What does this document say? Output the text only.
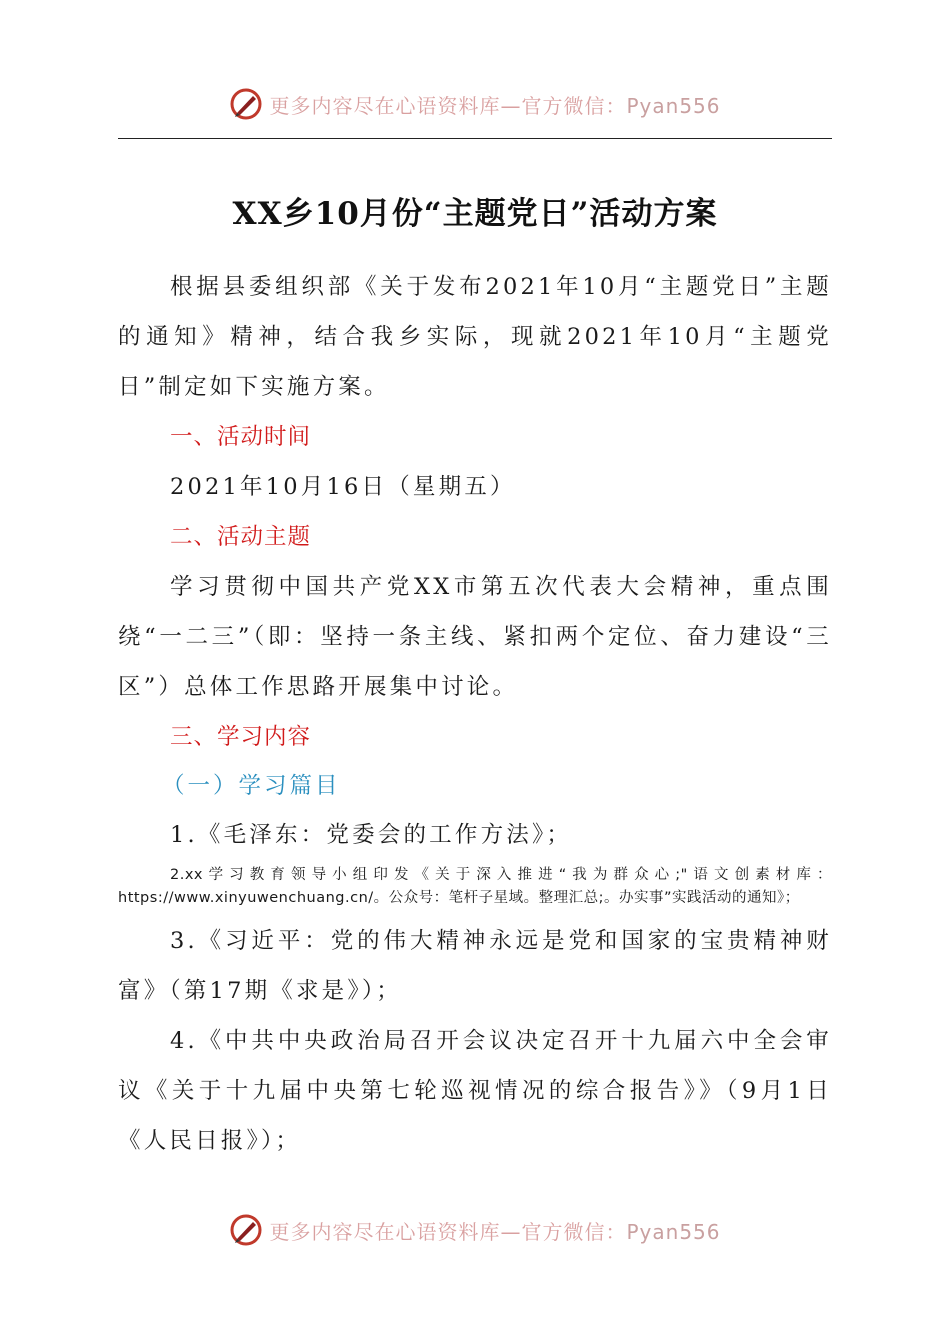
更多内容尽在心语资料库—官方微信：Pyan556
XX乡10月份“主题党日”活动方案

根据县委组织部《关于发布2021年10月“主题党日”主题的通知》精神，结合我乡实际，现就2021年10月“主题党日”制定如下实施方案。

一、活动时间

2021年10月16日（星期五）

二、活动主题

学习贯彻中国共产党XX市第五次代表大会精神，重点围绕“一二三”（即：坚持一条主线、紧扣两个定位、奋力建设“三区”）总体工作思路开展集中讨论。

三、学习内容

（一）学习篇目

1.《毛泽东：党委会的工作方法》；

2.xx学习教育领导小组印发《关于深入推进“我为群众心;"语文创素材库：https://www.xinyuwenchuang.cn/。公众号：笔杆子星域。整理汇总;。办实事”实践活动的通知》；

3.《习近平：党的伟大精神永远是党和国家的宝贵精神财富》（第17期《求是》）；

4.《中共中央政治局召开会议决定召开十九届六中全会审议《关于十九届中央第七轮巡视情况的综合报告》》（9月1日《人民日报》）；

更多内容尽在心语资料库—官方微信：Pyan556
